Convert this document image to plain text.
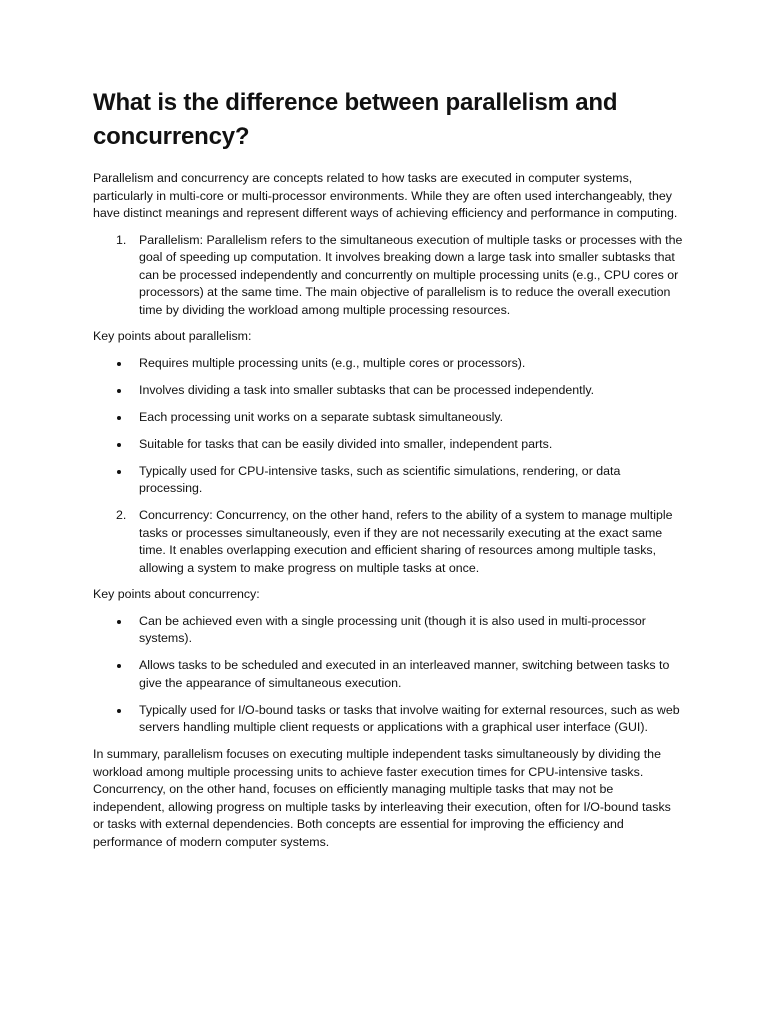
What is the difference between parallelism and concurrency?

Parallelism and concurrency are concepts related to how tasks are executed in computer systems, particularly in multi-core or multi-processor environments. While they are often used interchangeably, they have distinct meanings and represent different ways of achieving efficiency and performance in computing.

1. Parallelism: Parallelism refers to the simultaneous execution of multiple tasks or processes with the goal of speeding up computation. It involves breaking down a large task into smaller subtasks that can be processed independently and concurrently on multiple processing units (e.g., CPU cores or processors) at the same time. The main objective of parallelism is to reduce the overall execution time by dividing the workload among multiple processing resources.

Key points about parallelism:

Requires multiple processing units (e.g., multiple cores or processors).
Involves dividing a task into smaller subtasks that can be processed independently.
Each processing unit works on a separate subtask simultaneously.
Suitable for tasks that can be easily divided into smaller, independent parts.
Typically used for CPU-intensive tasks, such as scientific simulations, rendering, or data processing.
2. Concurrency: Concurrency, on the other hand, refers to the ability of a system to manage multiple tasks or processes simultaneously, even if they are not necessarily executing at the exact same time. It enables overlapping execution and efficient sharing of resources among multiple tasks, allowing a system to make progress on multiple tasks at once.

Key points about concurrency:

Can be achieved even with a single processing unit (though it is also used in multi-processor systems).
Allows tasks to be scheduled and executed in an interleaved manner, switching between tasks to give the appearance of simultaneous execution.
Typically used for I/O-bound tasks or tasks that involve waiting for external resources, such as web servers handling multiple client requests or applications with a graphical user interface (GUI).

In summary, parallelism focuses on executing multiple independent tasks simultaneously by dividing the workload among multiple processing units to achieve faster execution times for CPU-intensive tasks. Concurrency, on the other hand, focuses on efficiently managing multiple tasks that may not be independent, allowing progress on multiple tasks by interleaving their execution, often for I/O-bound tasks or tasks with external dependencies. Both concepts are essential for improving the efficiency and performance of modern computer systems.
